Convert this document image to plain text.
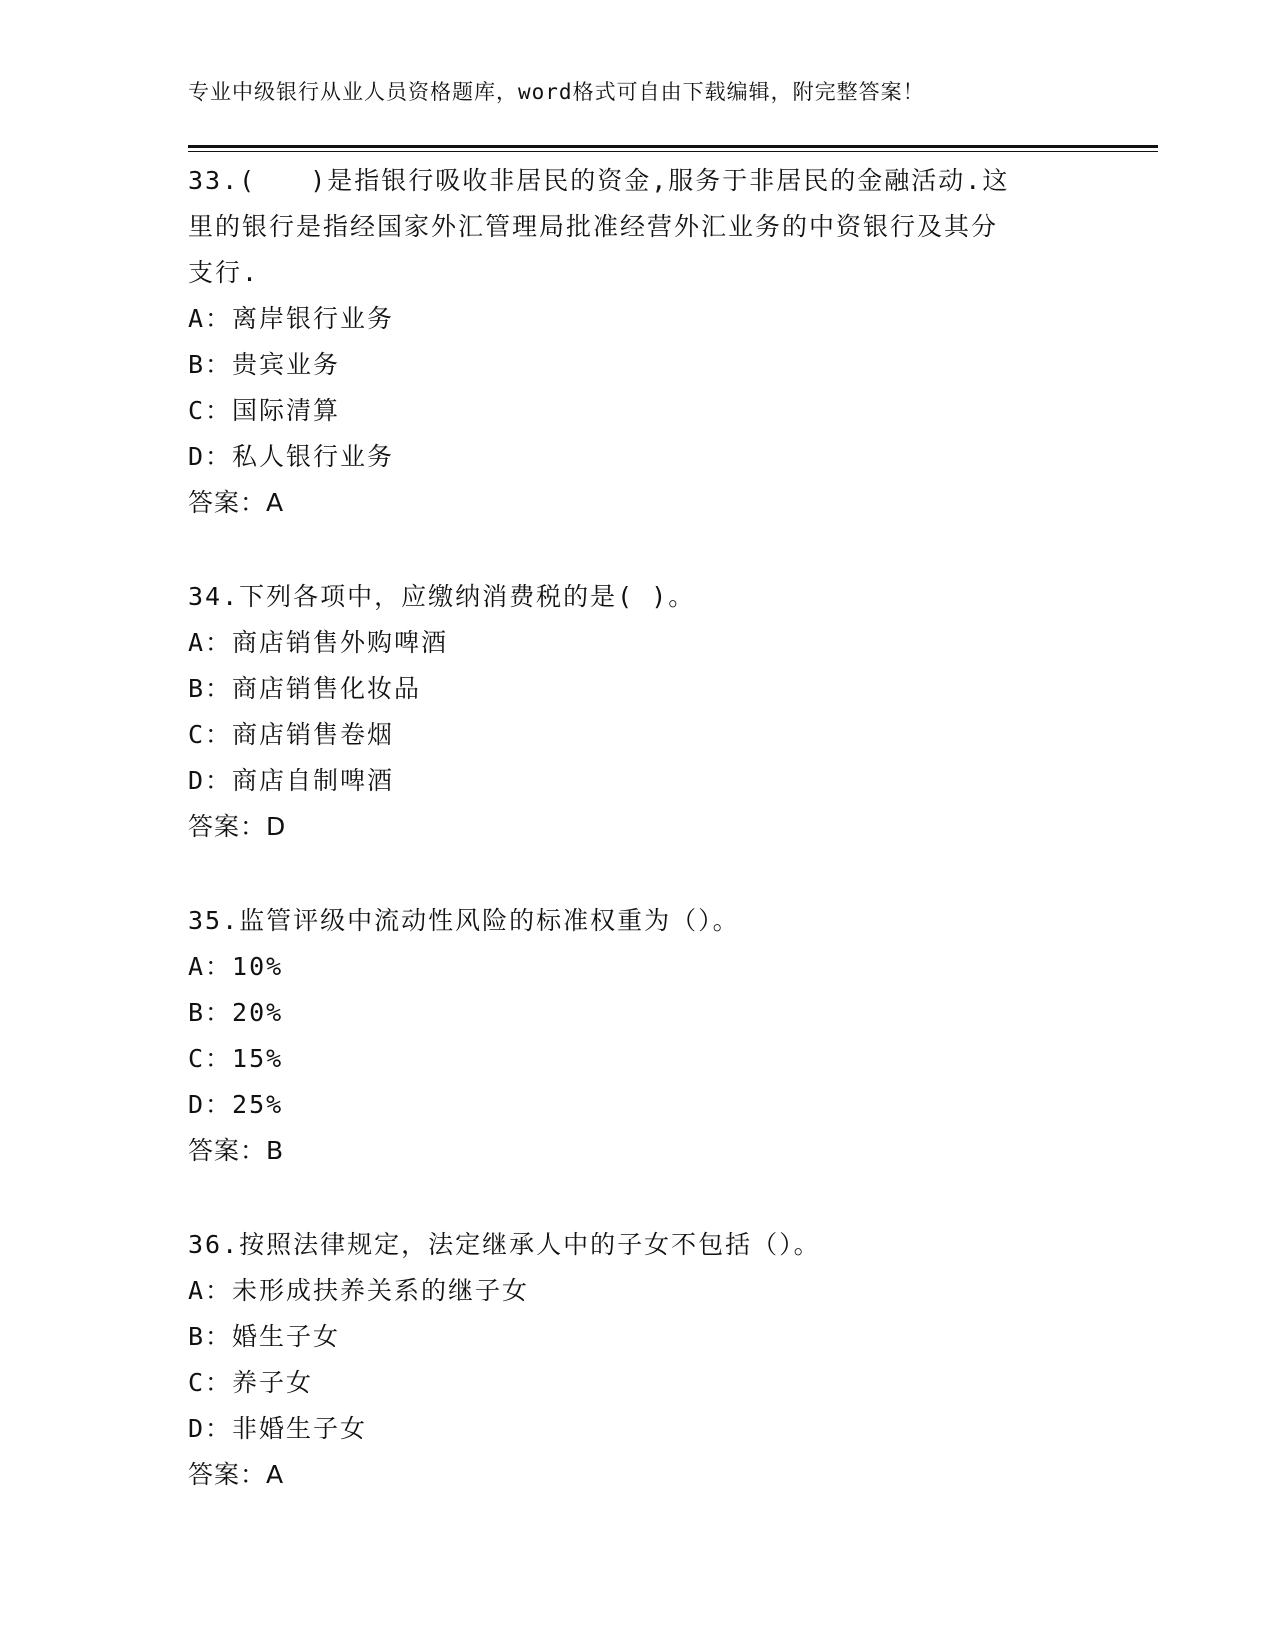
专业中级银行从业人员资格题库，word格式可自由下载编辑，附完整答案！
33.(　　)是指银行吸收非居民的资金,服务于非居民的金融活动.这
里的银行是指经国家外汇管理局批准经营外汇业务的中资银行及其分
支行.
A：离岸银行业务
B：贵宾业务
C：国际清算
D：私人银行业务
答案：A
34.下列各项中，应缴纳消费税的是( )。
A：商店销售外购啤酒
B：商店销售化妆品
C：商店销售卷烟
D：商店自制啤酒
答案：D
35.监管评级中流动性风险的标准权重为（）。
A：10%
B：20%
C：15%
D：25%
答案：B
36.按照法律规定，法定继承人中的子女不包括（）。
A：未形成扶养关系的继子女
B：婚生子女
C：养子女
D：非婚生子女
答案：A
